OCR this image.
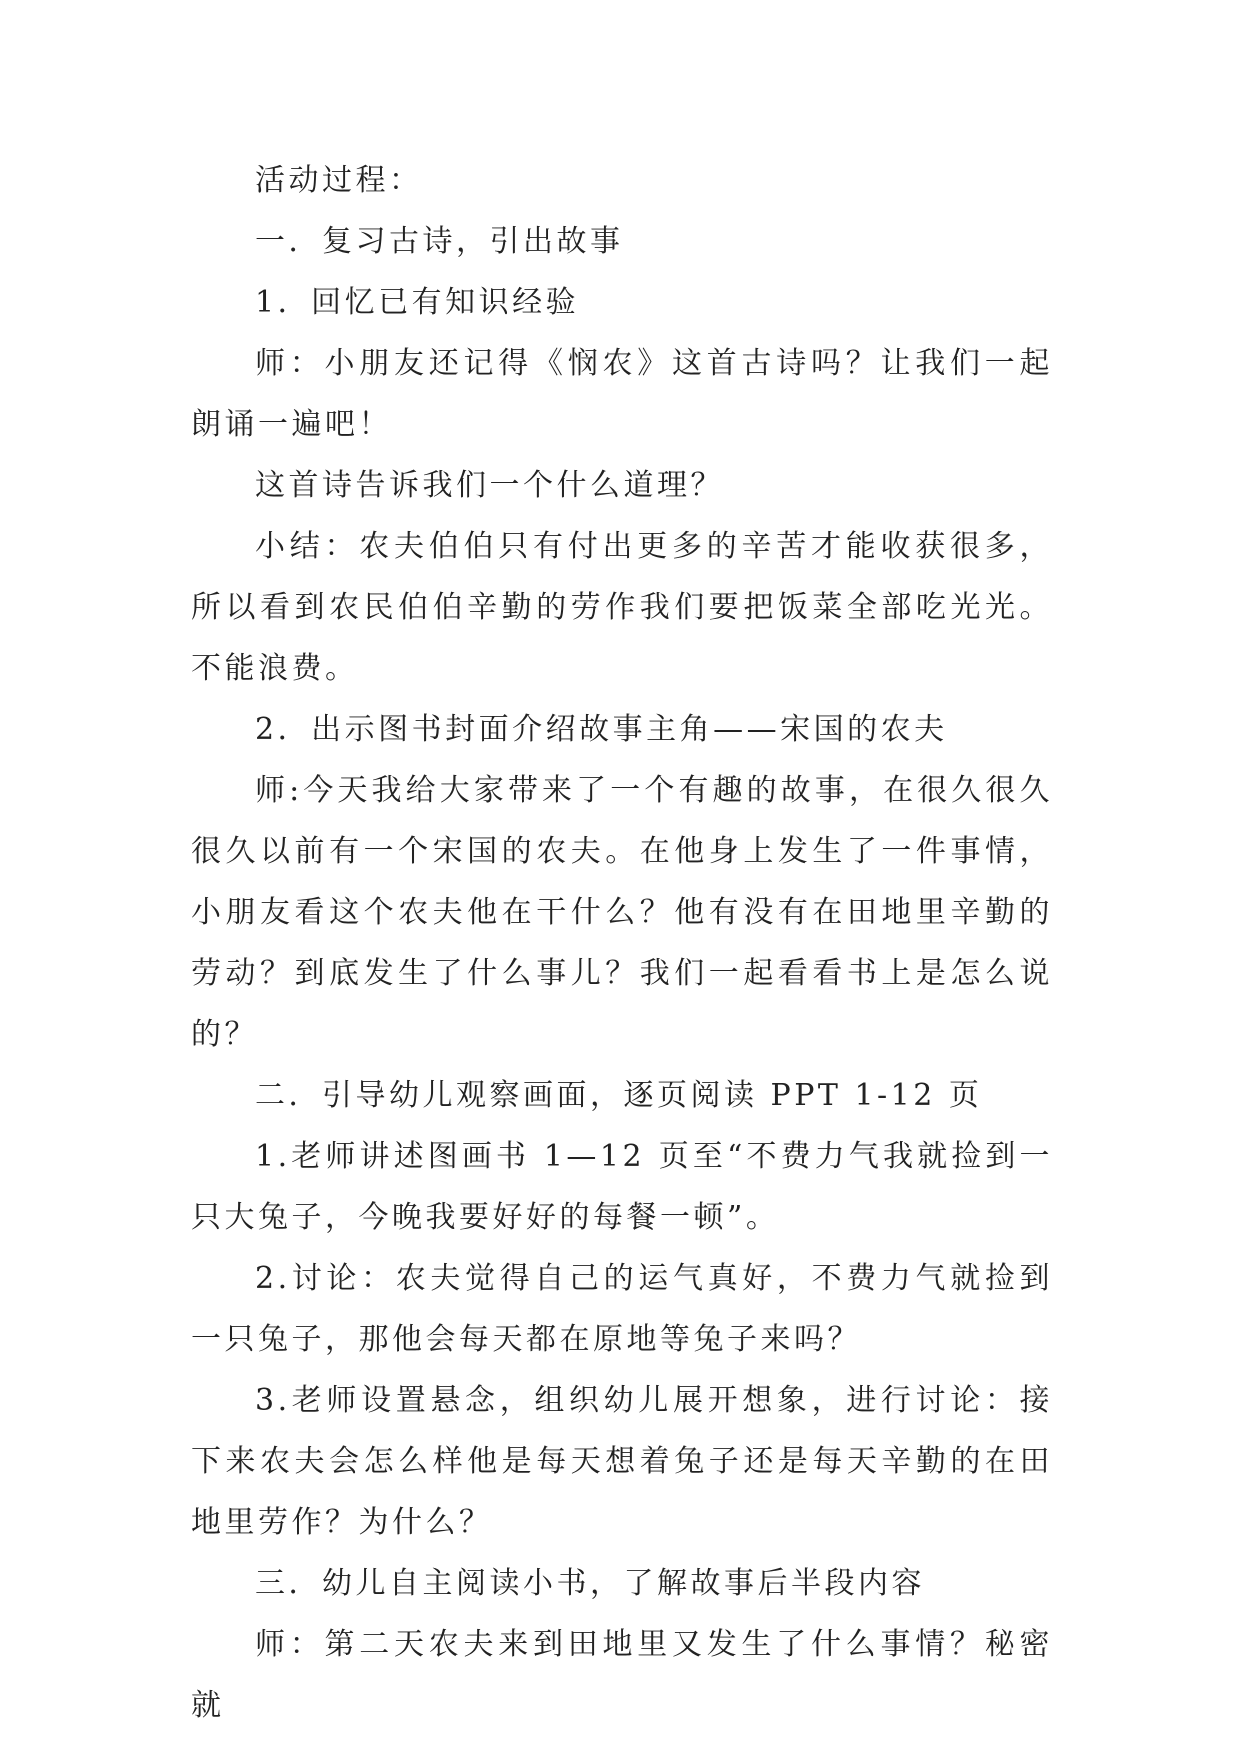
活动过程：

一．复习古诗，引出故事

1．回忆已有知识经验

师：小朋友还记得《悯农》这首古诗吗？让我们一起朗诵一遍吧！

这首诗告诉我们一个什么道理？

小结：农夫伯伯只有付出更多的辛苦才能收获很多，所以看到农民伯伯辛勤的劳作我们要把饭菜全部吃光光。不能浪费。

2．出示图书封面介绍故事主角——宋国的农夫

师:今天我给大家带来了一个有趣的故事，在很久很久很久以前有一个宋国的农夫。在他身上发生了一件事情，小朋友看这个农夫他在干什么？他有没有在田地里辛勤的劳动？到底发生了什么事儿？我们一起看看书上是怎么说的？

二．引导幼儿观察画面，逐页阅读 PPT 1-12 页

1.老师讲述图画书 1—12 页至“不费力气我就捡到一只大兔子，今晚我要好好的每餐一顿”。

2.讨论：农夫觉得自己的运气真好，不费力气就捡到一只兔子，那他会每天都在原地等兔子来吗？

3.老师设置悬念，组织幼儿展开想象，进行讨论：接下来农夫会怎么样他是每天想着兔子还是每天辛勤的在田地里劳作？为什么？

三．幼儿自主阅读小书，了解故事后半段内容

师：第二天农夫来到田地里又发生了什么事情？秘密就
